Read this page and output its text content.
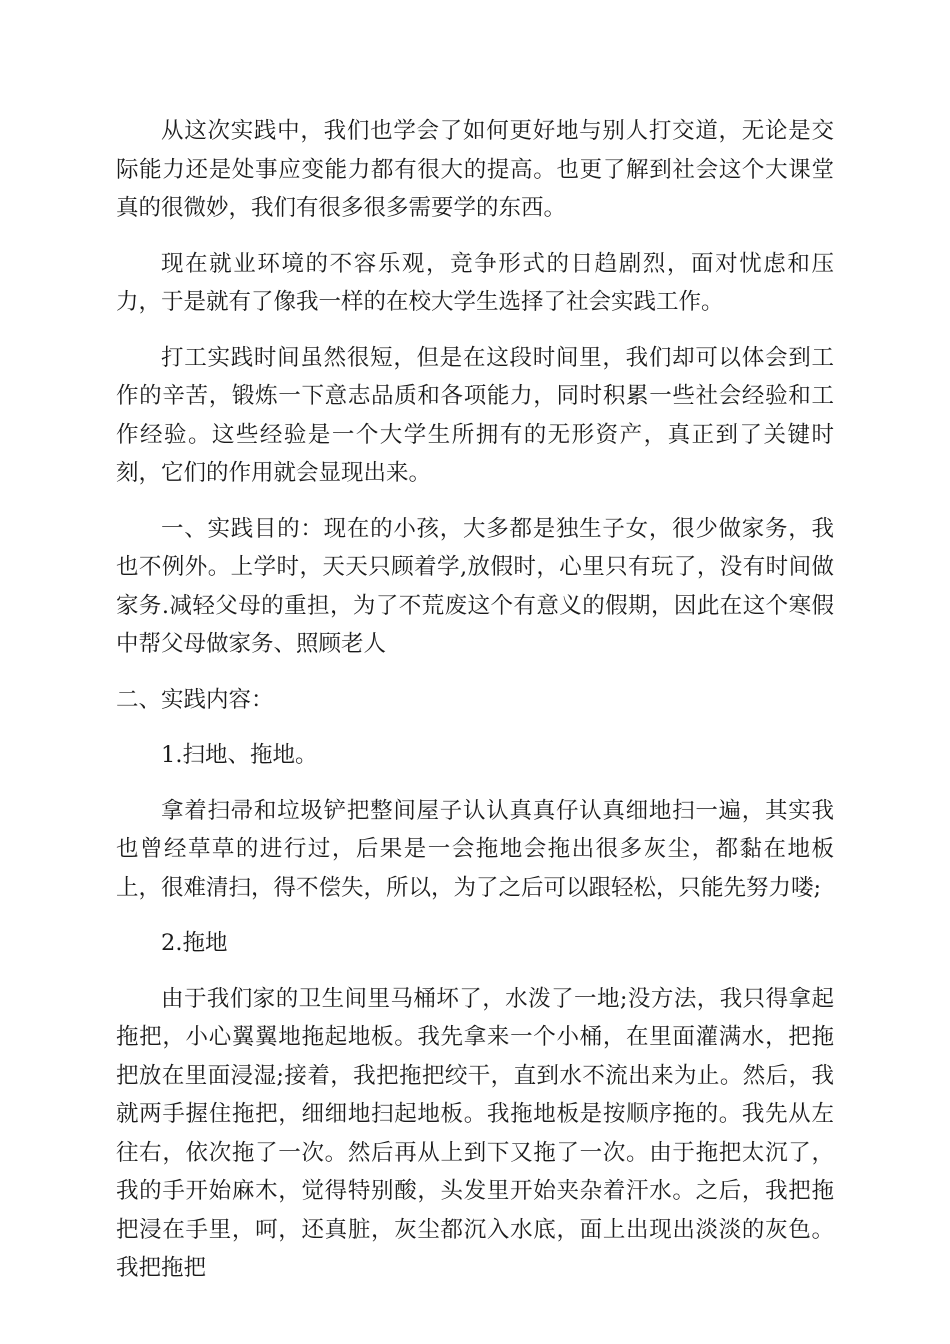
从这次实践中，我们也学会了如何更好地与别人打交道，无论是交际能力还是处事应变能力都有很大的提高。也更了解到社会这个大课堂真的很微妙，我们有很多很多需要学的东西。

现在就业环境的不容乐观，竞争形式的日趋剧烈，面对忧虑和压力，于是就有了像我一样的在校大学生选择了社会实践工作。

打工实践时间虽然很短，但是在这段时间里，我们却可以体会到工作的辛苦，锻炼一下意志品质和各项能力，同时积累一些社会经验和工作经验。这些经验是一个大学生所拥有的无形资产，真正到了关键时刻，它们的作用就会显现出来。

一、实践目的：现在的小孩，大多都是独生子女，很少做家务，我也不例外。上学时，天天只顾着学,放假时，心里只有玩了，没有时间做家务.减轻父母的重担，为了不荒废这个有意义的假期，因此在这个寒假中帮父母做家务、照顾老人

二、实践内容：

1.扫地、拖地。

拿着扫帚和垃圾铲把整间屋子认认真真仔认真细地扫一遍，其实我也曾经草草的进行过，后果是一会拖地会拖出很多灰尘，都黏在地板上，很难清扫，得不偿失，所以，为了之后可以跟轻松，只能先努力喽;

2.拖地

由于我们家的卫生间里马桶坏了，水泼了一地;没方法，我只得拿起拖把，小心翼翼地拖起地板。我先拿来一个小桶，在里面灌满水，把拖把放在里面浸湿;接着，我把拖把绞干，直到水不流出来为止。然后，我就两手握住拖把，细细地扫起地板。我拖地板是按顺序拖的。我先从左往右，依次拖了一次。然后再从上到下又拖了一次。由于拖把太沉了，我的手开始麻木，觉得特别酸，头发里开始夹杂着汗水。之后，我把拖把浸在手里，呵，还真脏，灰尘都沉入水底，面上出现出淡淡的灰色。我把拖把
